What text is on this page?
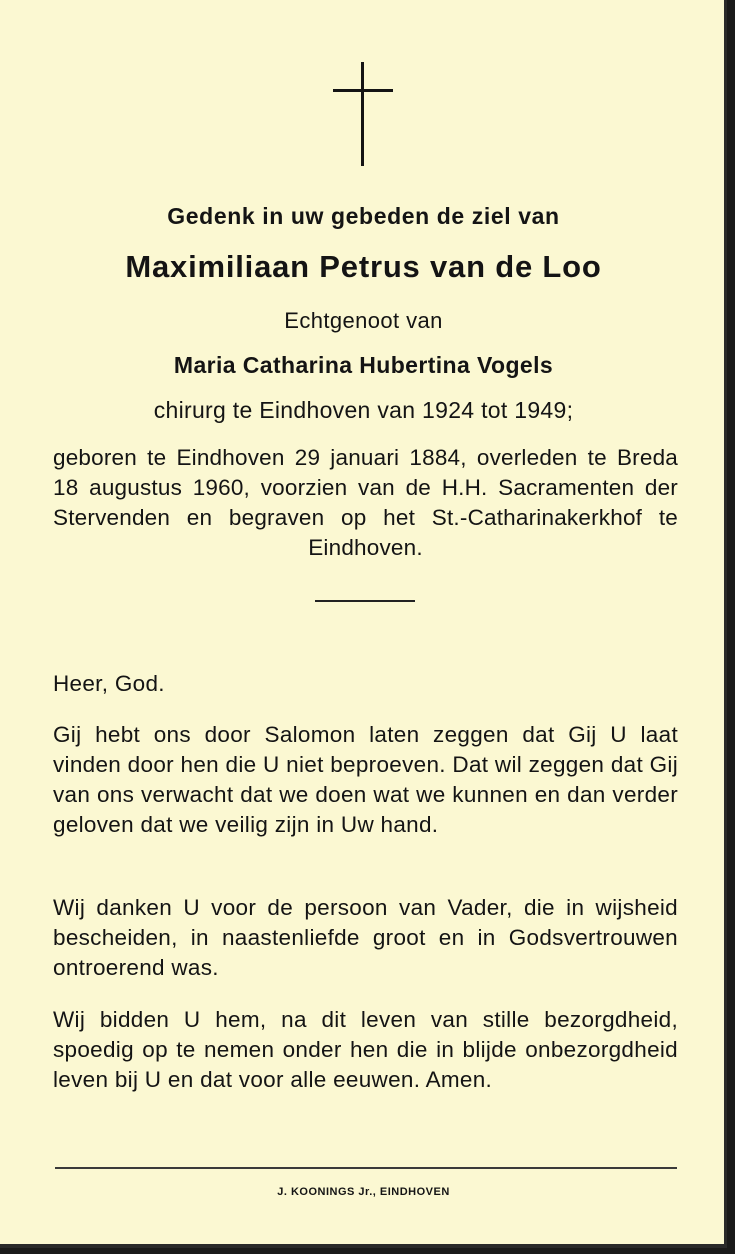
Gedenk in uw gebeden de ziel van
Maximiliaan Petrus van de Loo
Echtgenoot van
Maria Catharina Hubertina Vogels
chirurg te Eindhoven van 1924 tot 1949;
geboren te Eindhoven 29 januari 1884, overleden te Breda 18 augustus 1960, voorzien van de H.H. Sacramenten der Stervenden en begraven op het St.-Catharinakerkhof te Eindhoven.
Heer, God.
Gij hebt ons door Salomon laten zeggen dat Gij U laat vinden door hen die U niet beproeven. Dat wil zeggen dat Gij van ons verwacht dat we doen wat we kunnen en dan verder geloven dat we veilig zijn in Uw hand.
Wij danken U voor de persoon van Vader, die in wijsheid bescheiden, in naastenliefde groot en in Godsvertrouwen ontroerend was.
Wij bidden U hem, na dit leven van stille bezorgdheid, spoedig op te nemen onder hen die in blijde onbezorgdheid leven bij U en dat voor alle eeuwen. Amen.
J. KOONINGS Jr., EINDHOVEN
